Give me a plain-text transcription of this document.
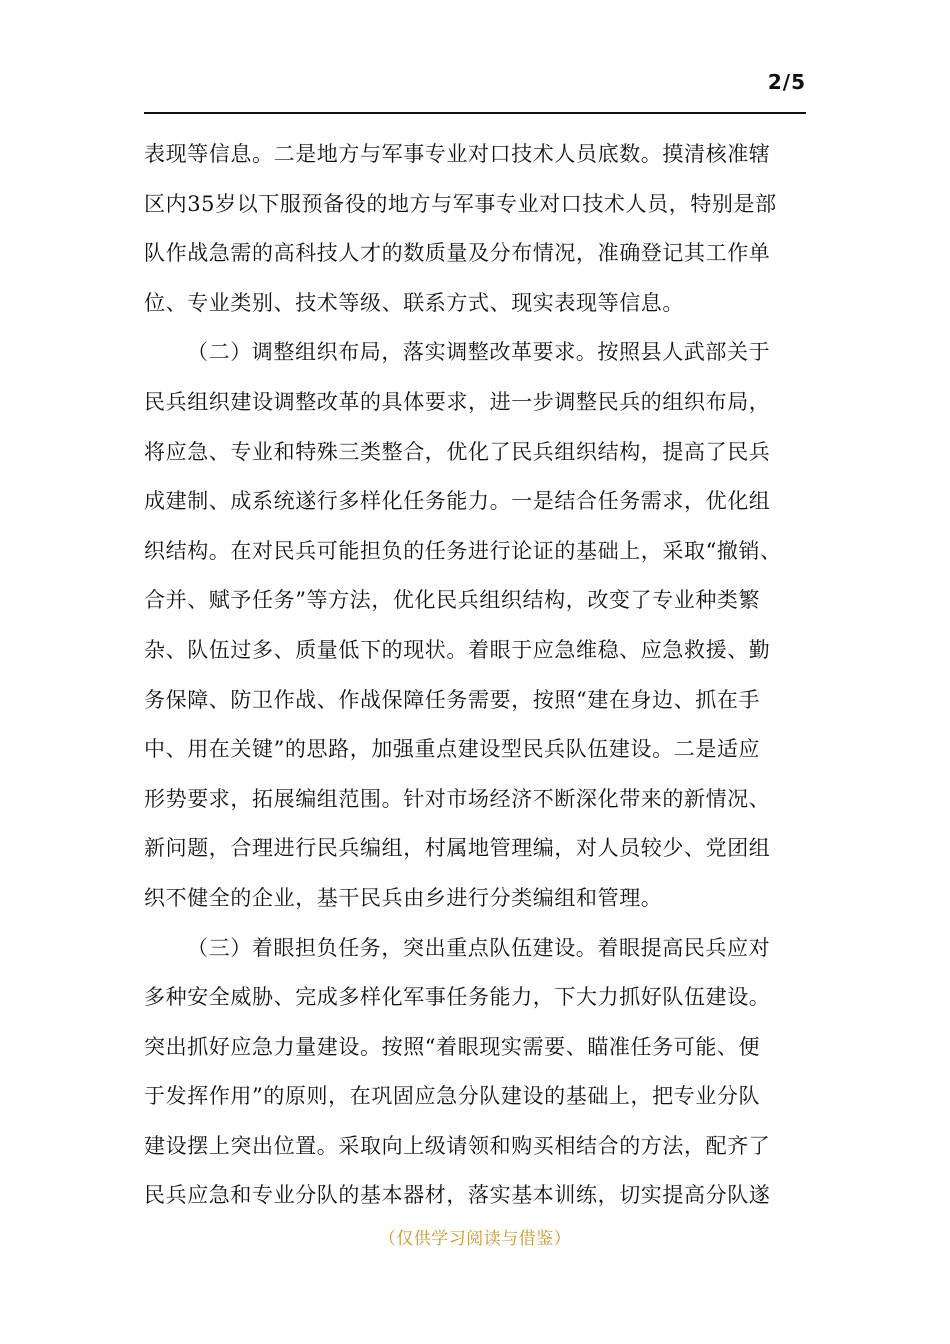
2/5
表现等信息。二是地方与军事专业对口技术人员底数。摸清核准辖
区内35岁以下服预备役的地方与军事专业对口技术人员，特别是部
队作战急需的高科技人才的数质量及分布情况，准确登记其工作单
位、专业类别、技术等级、联系方式、现实表现等信息。
（二）调整组织布局，落实调整改革要求。按照县人武部关于
民兵组织建设调整改革的具体要求，进一步调整民兵的组织布局，
将应急、专业和特殊三类整合，优化了民兵组织结构，提高了民兵
成建制、成系统遂行多样化任务能力。一是结合任务需求，优化组
织结构。在对民兵可能担负的任务进行论证的基础上，采取“撤销、
合并、赋予任务”等方法，优化民兵组织结构，改变了专业种类繁
杂、队伍过多、质量低下的现状。着眼于应急维稳、应急救援、勤
务保障、防卫作战、作战保障任务需要，按照“建在身边、抓在手
中、用在关键”的思路，加强重点建设型民兵队伍建设。二是适应
形势要求，拓展编组范围。针对市场经济不断深化带来的新情况、
新问题，合理进行民兵编组，村属地管理编，对人员较少、党团组
织不健全的企业，基干民兵由乡进行分类编组和管理。
（三）着眼担负任务，突出重点队伍建设。着眼提高民兵应对
多种安全威胁、完成多样化军事任务能力，下大力抓好队伍建设。
突出抓好应急力量建设。按照“着眼现实需要、瞄准任务可能、便
于发挥作用”的原则，在巩固应急分队建设的基础上，把专业分队
建设摆上突出位置。采取向上级请领和购买相结合的方法，配齐了
民兵应急和专业分队的基本器材，落实基本训练，切实提高分队遂
（仅供学习阅读与借鉴）
